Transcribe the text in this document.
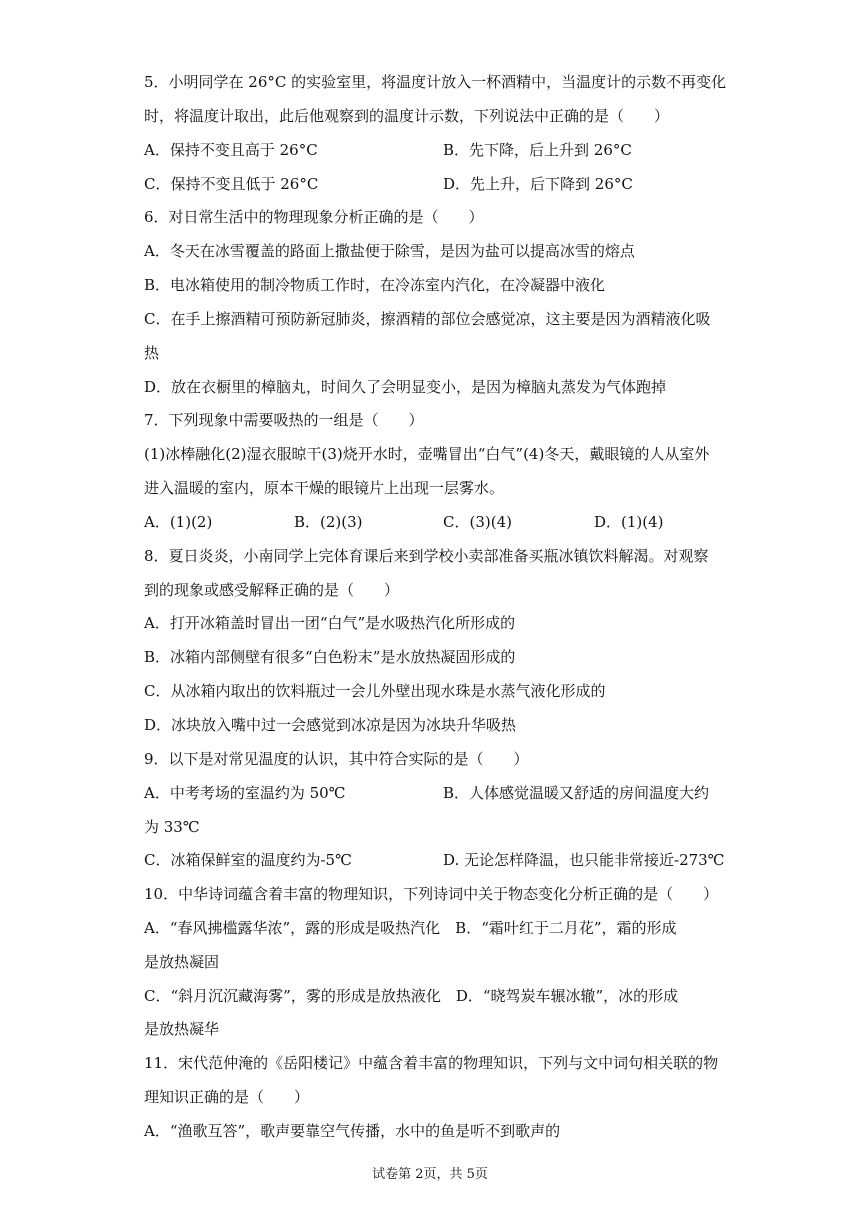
5．小明同学在 26°C 的实验室里，将温度计放入一杯酒精中，当温度计的示数不再变化
时，将温度计取出，此后他观察到的温度计示数，下列说法中正确的是（　　）
A．保持不变且高于 26°C	B．先下降，后上升到 26°C
C．保持不变且低于 26°C	D．先上升，后下降到 26°C
6．对日常生活中的物理现象分析正确的是（　　）
A．冬天在冰雪覆盖的路面上撒盐便于除雪，是因为盐可以提高冰雪的熔点
B．电冰箱使用的制冷物质工作时，在冷冻室内汽化，在冷凝器中液化
C．在手上擦酒精可预防新冠肺炎，擦酒精的部位会感觉凉，这主要是因为酒精液化吸
热
D．放在衣橱里的樟脑丸，时间久了会明显变小，是因为樟脑丸蒸发为气体跑掉
7．下列现象中需要吸热的一组是（　　）
(1)冰棒融化(2)湿衣服晾干(3)烧开水时，壶嘴冒出“白气”(4)冬天，戴眼镜的人从室外
进入温暖的室内，原本干燥的眼镜片上出现一层雾水。
A．(1)(2)	B．(2)(3)	C．(3)(4)	D．(1)(4)
8．夏日炎炎，小南同学上完体育课后来到学校小卖部准备买瓶冰镇饮料解渴。对观察
到的现象或感受解释正确的是（　　）
A．打开冰箱盖时冒出一团“白气”是水吸热汽化所形成的
B．冰箱内部侧壁有很多“白色粉末”是水放热凝固形成的
C．从冰箱内取出的饮料瓶过一会儿外壁出现水珠是水蒸气液化形成的
D．冰块放入嘴中过一会感觉到冰凉是因为冰块升华吸热
9．以下是对常见温度的认识，其中符合实际的是（　　）
A．中考考场的室温约为 50℃	B．人体感觉温暖又舒适的房间温度大约
为 33℃
C．冰箱保鲜室的温度约为-5℃	D. 无论怎样降温，也只能非常接近-273℃
10．中华诗词蕴含着丰富的物理知识，下列诗词中关于物态变化分析正确的是（　　）
A．“春风拂槛露华浓”，露的形成是吸热汽化　B．“霜叶红于二月花”，霜的形成
是放热凝固
C．“斜月沉沉藏海雾”，雾的形成是放热液化　D．“晓驾炭车辗冰辙”，冰的形成
是放热凝华
11．宋代范仲淹的《岳阳楼记》中蕴含着丰富的物理知识，下列与文中词句相关联的物
理知识正确的是（　　）
A．“渔歌互答”，歌声要靠空气传播，水中的鱼是听不到歌声的
试卷第 2页，共 5页
